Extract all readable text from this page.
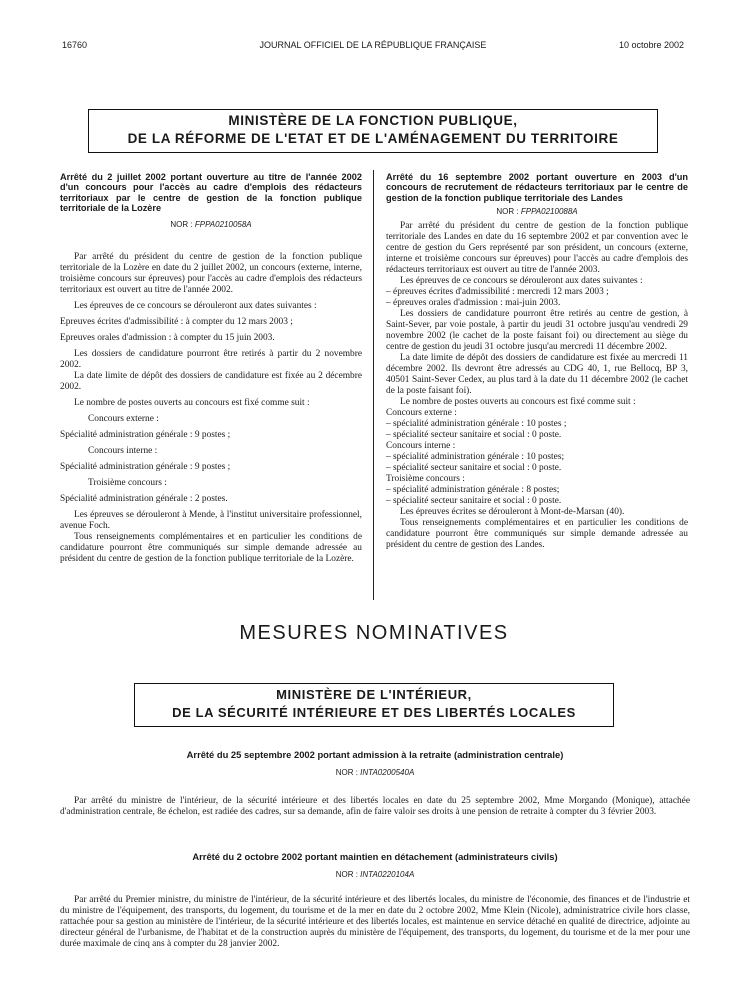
16760	JOURNAL OFFICIEL DE LA RÉPUBLIQUE FRANÇAISE	10 octobre 2002
MINISTÈRE DE LA FONCTION PUBLIQUE,
DE LA RÉFORME DE L'ETAT ET DE L'AMÉNAGEMENT DU TERRITOIRE

Arrêté du 2 juillet 2002 portant ouverture au titre de l'année 2002 d'un concours pour l'accès au cadre d'emplois des rédacteurs territoriaux par le centre de gestion de la fonction publique territoriale de la Lozère

NOR : FPPA0210058A

Par arrêté du président du centre de gestion de la fonction publique territoriale de la Lozère en date du 2 juillet 2002, un concours (externe, interne, troisième concours sur épreuves) pour l'accès au cadre d'emplois des rédacteurs territoriaux est ouvert au titre de l'année 2002.

Les épreuves de ce concours se dérouleront aux dates suivantes :

Epreuves écrites d'admissibilité : à compter du 12 mars 2003 ;

Epreuves orales d'admission : à compter du 15 juin 2003.

Les dossiers de candidature pourront être retirés à partir du 2 novembre 2002.

La date limite de dépôt des dossiers de candidature est fixée au 2 décembre 2002.

Le nombre de postes ouverts au concours est fixé comme suit :

Concours externe :

Spécialité administration générale : 9 postes ;

Concours interne :

Spécialité administration générale : 9 postes ;

Troisième concours :

Spécialité administration générale : 2 postes.

Les épreuves se dérouleront à Mende, à l'institut universitaire professionnel, avenue Foch.

Tous renseignements complémentaires et en particulier les conditions de candidature pourront être communiqués sur simple demande adressée au président du centre de gestion de la fonction publique territoriale de la Lozère.

Arrêté du 16 septembre 2002 portant ouverture en 2003 d'un concours de recrutement de rédacteurs territoriaux par le centre de gestion de la fonction publique territoriale des Landes

NOR : FPPA0210088A

Par arrêté du président du centre de gestion de la fonction publique territoriale des Landes en date du 16 septembre 2002 et par convention avec le centre de gestion du Gers représenté par son président, un concours (externe, interne et troisième concours sur épreuves) pour l'accès au cadre d'emplois des rédacteurs territoriaux est ouvert au titre de l'année 2003.

Les épreuves de ce concours se dérouleront aux dates suivantes :

– épreuves écrites d'admissibilité : mercredi 12 mars 2003 ;

– épreuves orales d'admission : mai-juin 2003.

Les dossiers de candidature pourront être retirés au centre de gestion, à Saint-Sever, par voie postale, à partir du jeudi 31 octobre jusqu'au vendredi 29 novembre 2002 (le cachet de la poste faisant foi) ou directement au siège du centre de gestion du jeudi 31 octobre jusqu'au mercredi 11 décembre 2002.

La date limite de dépôt des dossiers de candidature est fixée au mercredi 11 décembre 2002. Ils devront être adressés au CDG 40, 1, rue Bellocq, BP 3, 40501 Saint-Sever Cedex, au plus tard à la date du 11 décembre 2002 (le cachet de la poste faisant foi).

Le nombre de postes ouverts au concours est fixé comme suit :

Concours externe :

– spécialité administration générale : 10 postes ;

– spécialité secteur sanitaire et social : 0 poste.

Concours interne :

– spécialité administration générale : 10 postes;

– spécialité secteur sanitaire et social : 0 poste.

Troisième concours :

– spécialité administration générale : 8 postes;

– spécialité secteur sanitaire et social : 0 poste.

Les épreuves écrites se dérouleront à Mont-de-Marsan (40).

Tous renseignements complémentaires et en particulier les conditions de candidature pourront être communiqués sur simple demande adressée au président du centre de gestion des Landes.

MESURES NOMINATIVES
MINISTÈRE DE L'INTÉRIEUR,
DE LA SÉCURITÉ INTÉRIEURE ET DES LIBERTÉS LOCALES
Arrêté du 25 septembre 2002 portant admission à la retraite (administration centrale)
NOR : INTA0200540A
Par arrêté du ministre de l'intérieur, de la sécurité intérieure et des libertés locales en date du 25 septembre 2002, Mme Morgando (Monique), attachée d'administration centrale, 8e échelon, est radiée des cadres, sur sa demande, afin de faire valoir ses droits à une pension de retraite à compter du 3 février 2003.
Arrêté du 2 octobre 2002 portant maintien en détachement (administrateurs civils)
NOR : INTA0220104A
Par arrêté du Premier ministre, du ministre de l'intérieur, de la sécurité intérieure et des libertés locales, du ministre de l'économie, des finances et de l'industrie et du ministre de l'équipement, des transports, du logement, du tourisme et de la mer en date du 2 octobre 2002, Mme Klein (Nicole), administratrice civile hors classe, rattachée pour sa gestion au ministère de l'intérieur, de la sécurité intérieure et des libertés locales, est maintenue en service détaché en qualité de directrice, adjointe au directeur général de l'urbanisme, de l'habitat et de la construction auprès du ministère de l'équipement, des transports, du logement, du tourisme et de la mer pour une durée maximale de cinq ans à compter du 28 janvier 2002.
